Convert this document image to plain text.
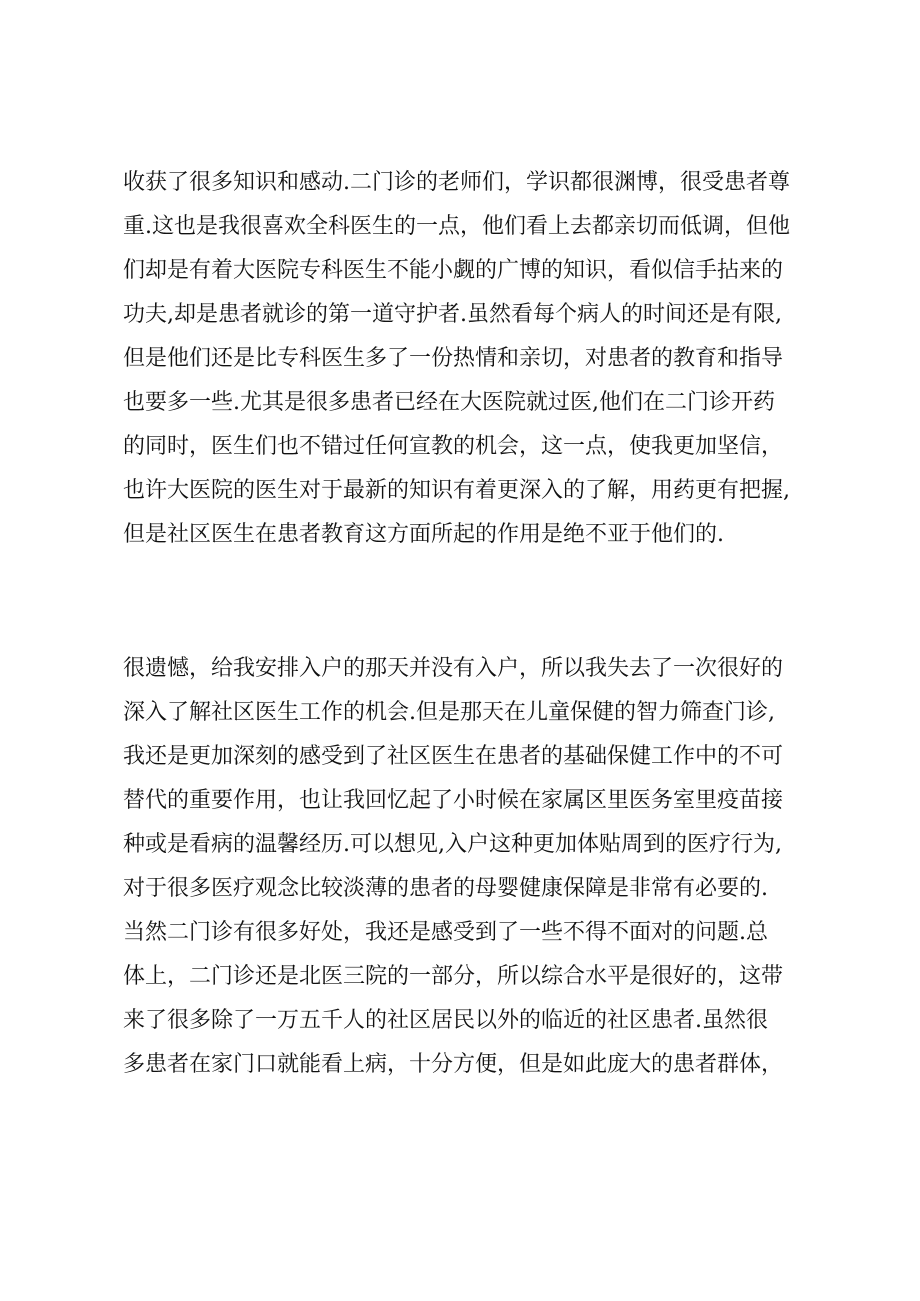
收获了很多知识和感动.二门诊的老师们，学识都很渊博，很受患者尊
重.这也是我很喜欢全科医生的一点，他们看上去都亲切而低调，但他
们却是有着大医院专科医生不能小觑的广博的知识，看似信手拈来的
功夫,却是患者就诊的第一道守护者.虽然看每个病人的时间还是有限,
但是他们还是比专科医生多了一份热情和亲切，对患者的教育和指导
也要多一些.尤其是很多患者已经在大医院就过医,他们在二门诊开药
的同时，医生们也不错过任何宣教的机会，这一点，使我更加坚信，
也许大医院的医生对于最新的知识有着更深入的了解，用药更有把握,
但是社区医生在患者教育这方面所起的作用是绝不亚于他们的.
很遗憾，给我安排入户的那天并没有入户，所以我失去了一次很好的
深入了解社区医生工作的机会.但是那天在儿童保健的智力筛查门诊,
我还是更加深刻的感受到了社区医生在患者的基础保健工作中的不可
替代的重要作用，也让我回忆起了小时候在家属区里医务室里疫苗接
种或是看病的温馨经历.可以想见,入户这种更加体贴周到的医疗行为,
对于很多医疗观念比较淡薄的患者的母婴健康保障是非常有必要的.
当然二门诊有很多好处，我还是感受到了一些不得不面对的问题.总
体上，二门诊还是北医三院的一部分，所以综合水平是很好的，这带
来了很多除了一万五千人的社区居民以外的临近的社区患者.虽然很
多患者在家门口就能看上病，十分方便，但是如此庞大的患者群体，
